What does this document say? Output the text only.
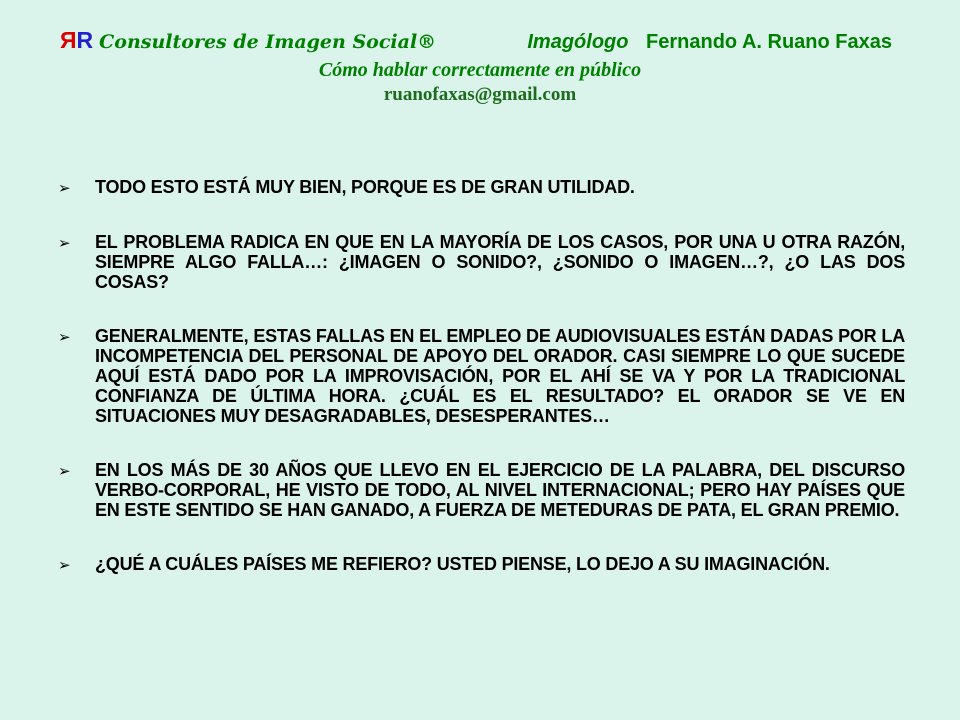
Я R Consultores de Imagen Social®	Imagólogo Fernando A. Ruano Faxas
Cómo hablar correctamente en público
ruanofaxas@gmail.com
➢	TODO ESTO ESTÁ MUY BIEN, PORQUE ES DE GRAN UTILIDAD.
➢	EL PROBLEMA RADICA EN QUE EN LA MAYORÍA DE LOS CASOS, POR UNA U OTRA RAZÓN, SIEMPRE ALGO FALLA…: ¿IMAGEN O SONIDO?, ¿SONIDO O IMAGEN…?, ¿O LAS DOS COSAS?
➢	GENERALMENTE, ESTAS FALLAS EN EL EMPLEO DE AUDIOVISUALES ESTÁN DADAS POR LA INCOMPETENCIA DEL PERSONAL DE APOYO DEL ORADOR. CASI SIEMPRE LO QUE SUCEDE AQUÍ ESTÁ DADO POR LA IMPROVISACIÓN, POR EL AHÍ SE VA Y POR LA TRADICIONAL CONFIANZA DE ÚLTIMA HORA. ¿CUÁL ES EL RESULTADO? EL ORADOR SE VE EN SITUACIONES MUY DESAGRADABLES, DESESPERANTES…
➢	EN LOS MÁS DE 30 AÑOS QUE LLEVO EN EL EJERCICIO DE LA PALABRA, DEL DISCURSO VERBO-CORPORAL, HE VISTO DE TODO, AL NIVEL INTERNACIONAL; PERO HAY PAÍSES QUE EN ESTE SENTIDO SE HAN GANADO, A FUERZA DE METEDURAS DE PATA, EL GRAN PREMIO.
➢	¿QUÉ A CUÁLES PAÍSES ME REFIERO? USTED PIENSE, LO DEJO A SU IMAGINACIÓN.
